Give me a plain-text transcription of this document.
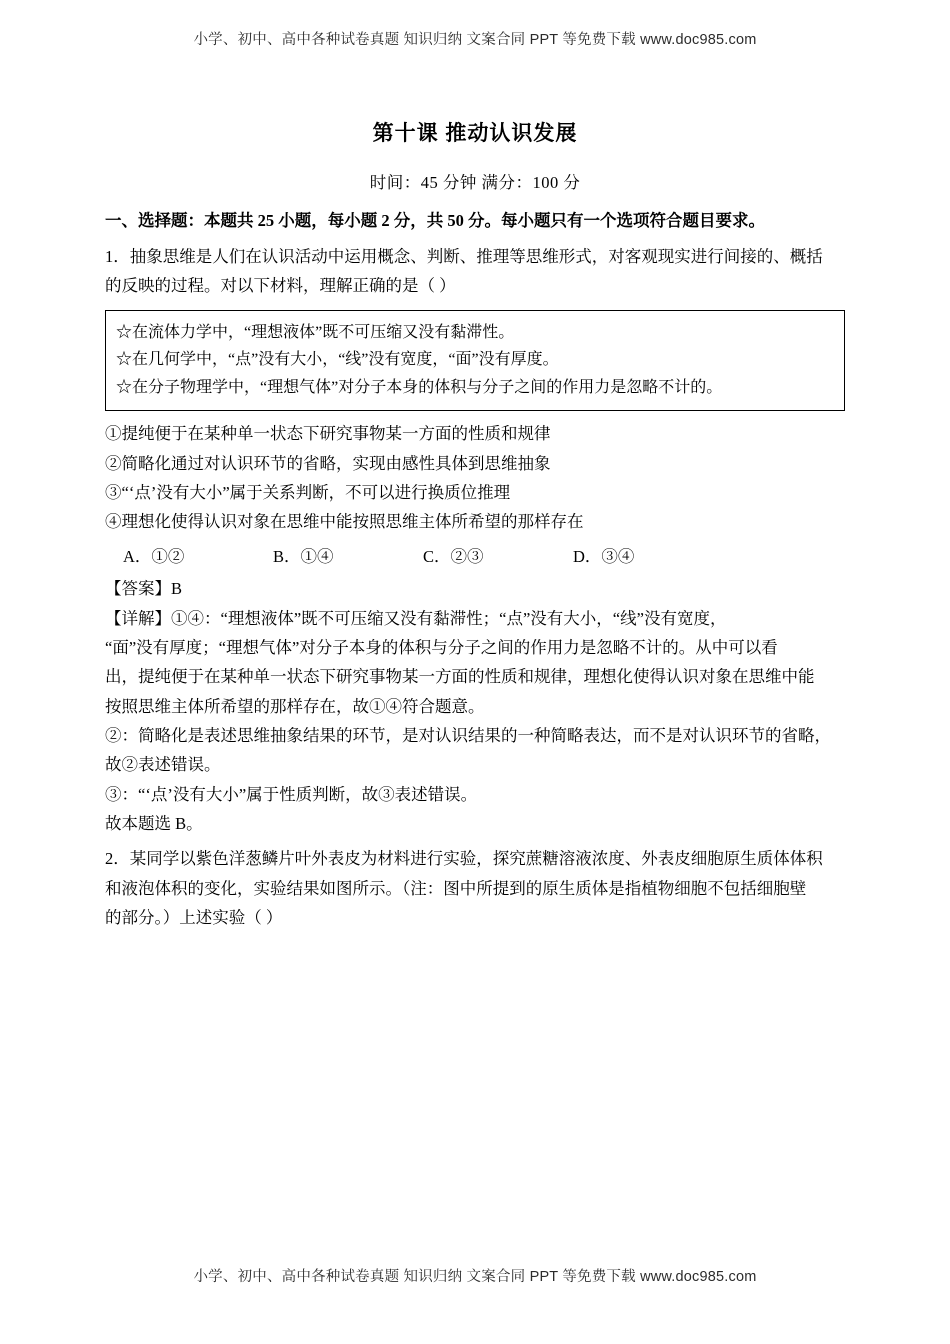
小学、初中、高中各种试卷真题 知识归纳 文案合同 PPT 等免费下载 www.doc985.com
第十课 推动认识发展
时间：45 分钟 满分：100 分
一、选择题：本题共 25 小题，每小题 2 分，共 50 分。每小题只有一个选项符合题目要求。

1．抽象思维是人们在认识活动中运用概念、判断、推理等思维形式，对客观现实进行间接的、概括

的反映的过程。对以下材料，理解正确的是（ ）

☆在流体力学中，“理想液体”既不可压缩又没有黏滞性。

☆在几何学中，“点”没有大小，“线”没有宽度，“面”没有厚度。

☆在分子物理学中，“理想气体”对分子本身的体积与分子之间的作用力是忽略不计的。

①提纯便于在某种单一状态下研究事物某一方面的性质和规律

②简略化通过对认识环节的省略，实现由感性具体到思维抽象

③“‘点’没有大小”属于关系判断，不可以进行换质位推理

④理想化使得认识对象在思维中能按照思维主体所希望的那样存在

A．①②	B．①④	C．②③	D．③④

【答案】B

【详解】①④：“理想液体”既不可压缩又没有黏滞性；“点”没有大小，“线”没有宽度，

“面”没有厚度；“理想气体”对分子本身的体积与分子之间的作用力是忽略不计的。从中可以看

出，提纯便于在某种单一状态下研究事物某一方面的性质和规律，理想化使得认识对象在思维中能

按照思维主体所希望的那样存在，故①④符合题意。

②：简略化是表述思维抽象结果的环节，是对认识结果的一种简略表达，而不是对认识环节的省略，

故②表述错误。

③：“‘点’没有大小”属于性质判断，故③表述错误。

故本题选 B。

2．某同学以紫色洋葱鳞片叶外表皮为材料进行实验，探究蔗糖溶液浓度、外表皮细胞原生质体体积

和液泡体积的变化，实验结果如图所示。（注：图中所提到的原生质体是指植物细胞不包括细胞壁

的部分。）上述实验（ ）

小学、初中、高中各种试卷真题 知识归纳 文案合同 PPT 等免费下载 www.doc985.com
